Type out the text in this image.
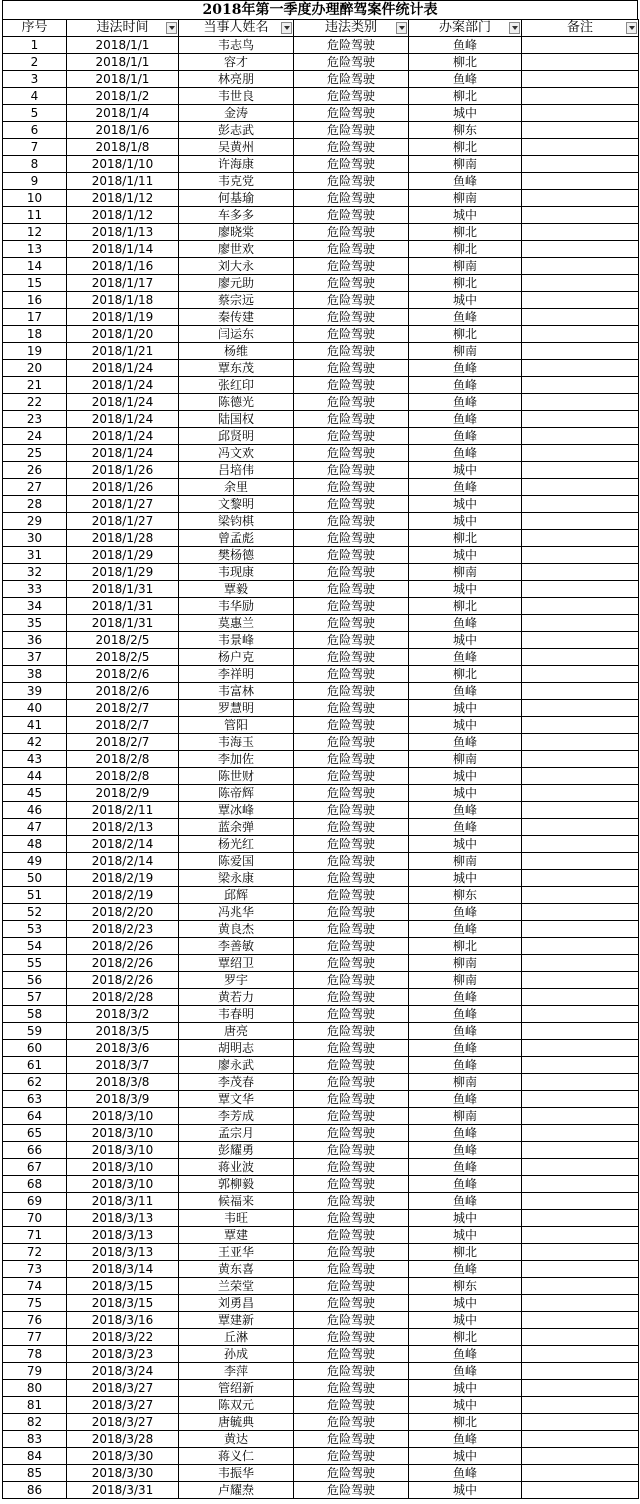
2018年第一季度办理醉驾案件统计表
序号	违法时间	当事人姓名	违法类别	办案部门	备注

1	2018/1/1	韦志鸟	危险驾驶	鱼峰	
2	2018/1/1	容才	危险驾驶	柳北	
3	2018/1/1	林亮朋	危险驾驶	鱼峰	
4	2018/1/2	韦世良	危险驾驶	柳北	
5	2018/1/4	金涛	危险驾驶	城中	
6	2018/1/6	彭志武	危险驾驶	柳东	
7	2018/1/8	吴黄州	危险驾驶	柳北	
8	2018/1/10	许海康	危险驾驶	柳南	
9	2018/1/11	韦克党	危险驾驶	鱼峰	
10	2018/1/12	何基瑜	危险驾驶	柳南	
11	2018/1/12	车多多	危险驾驶	城中	
12	2018/1/13	廖晓棠	危险驾驶	柳北	
13	2018/1/14	廖世欢	危险驾驶	柳北	
14	2018/1/16	刘大永	危险驾驶	柳南	
15	2018/1/17	廖元助	危险驾驶	柳北	
16	2018/1/18	蔡宗远	危险驾驶	城中	
17	2018/1/19	秦传建	危险驾驶	鱼峰	
18	2018/1/20	闫运东	危险驾驶	柳北	
19	2018/1/21	杨维	危险驾驶	柳南	
20	2018/1/24	覃东茂	危险驾驶	鱼峰	
21	2018/1/24	张红印	危险驾驶	鱼峰	
22	2018/1/24	陈德光	危险驾驶	鱼峰	
23	2018/1/24	陆国权	危险驾驶	鱼峰	
24	2018/1/24	邱贤明	危险驾驶	鱼峰	
25	2018/1/24	冯文欢	危险驾驶	鱼峰	
26	2018/1/26	吕培伟	危险驾驶	城中	
27	2018/1/26	余里	危险驾驶	鱼峰	
28	2018/1/27	文黎明	危险驾驶	城中	
29	2018/1/27	梁钧棋	危险驾驶	城中	
30	2018/1/28	曾孟彪	危险驾驶	柳北	
31	2018/1/29	樊杨德	危险驾驶	城中	
32	2018/1/29	韦现康	危险驾驶	柳南	
33	2018/1/31	覃毅	危险驾驶	城中	
34	2018/1/31	韦华励	危险驾驶	柳北	
35	2018/1/31	莫惠兰	危险驾驶	鱼峰	
36	2018/2/5	韦景峰	危险驾驶	城中	
37	2018/2/5	杨户克	危险驾驶	鱼峰	
38	2018/2/6	李祥明	危险驾驶	柳北	
39	2018/2/6	韦富林	危险驾驶	鱼峰	
40	2018/2/7	罗慧明	危险驾驶	城中	
41	2018/2/7	管阳	危险驾驶	城中	
42	2018/2/7	韦海玉	危险驾驶	鱼峰	
43	2018/2/8	李加佐	危险驾驶	柳南	
44	2018/2/8	陈世财	危险驾驶	城中	
45	2018/2/9	陈帝辉	危险驾驶	城中	
46	2018/2/11	覃冰峰	危险驾驶	鱼峰	
47	2018/2/13	蓝余弹	危险驾驶	鱼峰	
48	2018/2/14	杨光红	危险驾驶	城中	
49	2018/2/14	陈爱国	危险驾驶	柳南	
50	2018/2/19	梁永康	危险驾驶	城中	
51	2018/2/19	邱辉	危险驾驶	柳东	
52	2018/2/20	冯兆华	危险驾驶	鱼峰	
53	2018/2/23	黄良杰	危险驾驶	鱼峰	
54	2018/2/26	李善敏	危险驾驶	柳北	
55	2018/2/26	覃绍卫	危险驾驶	柳南	
56	2018/2/26	罗宇	危险驾驶	柳南	
57	2018/2/28	黄若力	危险驾驶	鱼峰	
58	2018/3/2	韦春明	危险驾驶	鱼峰	
59	2018/3/5	唐亮	危险驾驶	鱼峰	
60	2018/3/6	胡明志	危险驾驶	鱼峰	
61	2018/3/7	廖永武	危险驾驶	鱼峰	
62	2018/3/8	李茂春	危险驾驶	柳南	
63	2018/3/9	覃文华	危险驾驶	鱼峰	
64	2018/3/10	李芳成	危险驾驶	柳南	
65	2018/3/10	孟宗月	危险驾驶	鱼峰	
66	2018/3/10	彭耀勇	危险驾驶	鱼峰	
67	2018/3/10	蒋业波	危险驾驶	鱼峰	
68	2018/3/10	郭柳毅	危险驾驶	鱼峰	
69	2018/3/11	候福来	危险驾驶	鱼峰	
70	2018/3/13	韦旺	危险驾驶	城中	
71	2018/3/13	覃建	危险驾驶	城中	
72	2018/3/13	王亚华	危险驾驶	柳北	
73	2018/3/14	黄东喜	危险驾驶	鱼峰	
74	2018/3/15	兰荣堂	危险驾驶	柳东	
75	2018/3/15	刘勇昌	危险驾驶	城中	
76	2018/3/16	覃建新	危险驾驶	城中	
77	2018/3/22	丘淋	危险驾驶	柳北	
78	2018/3/23	孙成	危险驾驶	鱼峰	
79	2018/3/24	李萍	危险驾驶	鱼峰	
80	2018/3/27	管绍新	危险驾驶	城中	
81	2018/3/27	陈双元	危险驾驶	城中	
82	2018/3/27	唐毓典	危险驾驶	柳北	
83	2018/3/28	黄达	危险驾驶	鱼峰	
84	2018/3/30	蒋义仁	危险驾驶	城中	
85	2018/3/30	韦振华	危险驾驶	鱼峰	
86	2018/3/31	卢耀焘	危险驾驶	城中	
